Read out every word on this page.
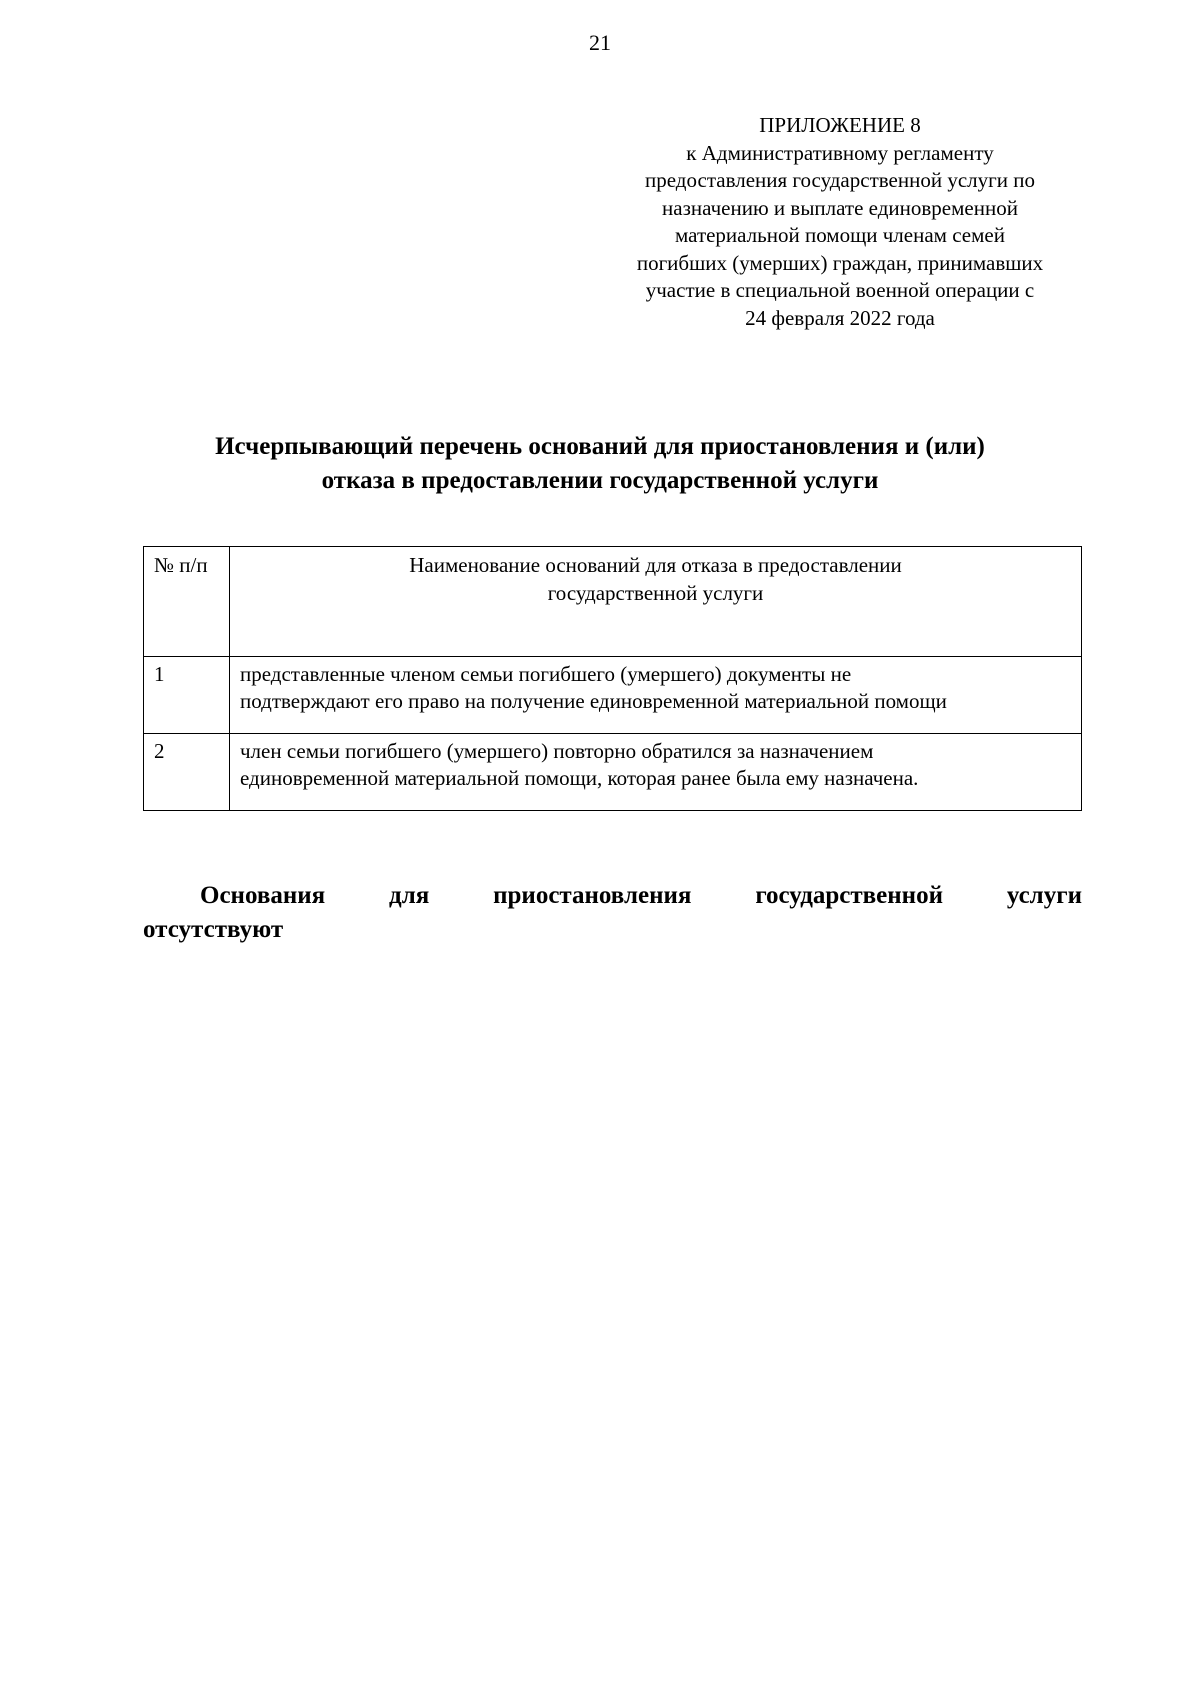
21
ПРИЛОЖЕНИЕ 8
к Административному регламенту
предоставления государственной услуги по
назначению и выплате единовременной
материальной помощи членам семей
погибших (умерших) граждан, принимавших
участие в специальной военной операции с
24 февраля 2022 года
Исчерпывающий перечень оснований для приостановления и (или)
отказа в предоставлении государственной услуги
№ п/п	Наименование оснований для отказа в предоставлении
государственной услуги

1	представленные членом семьи погибшего (умершего) документы не
подтверждают его право на получение единовременной материальной помощи

2	член семьи погибшего (умершего) повторно обратился за назначением
единовременной материальной помощи, которая ранее была ему назначена.
Основания	для	приостановления	государственной	услуги
отсутствуют
